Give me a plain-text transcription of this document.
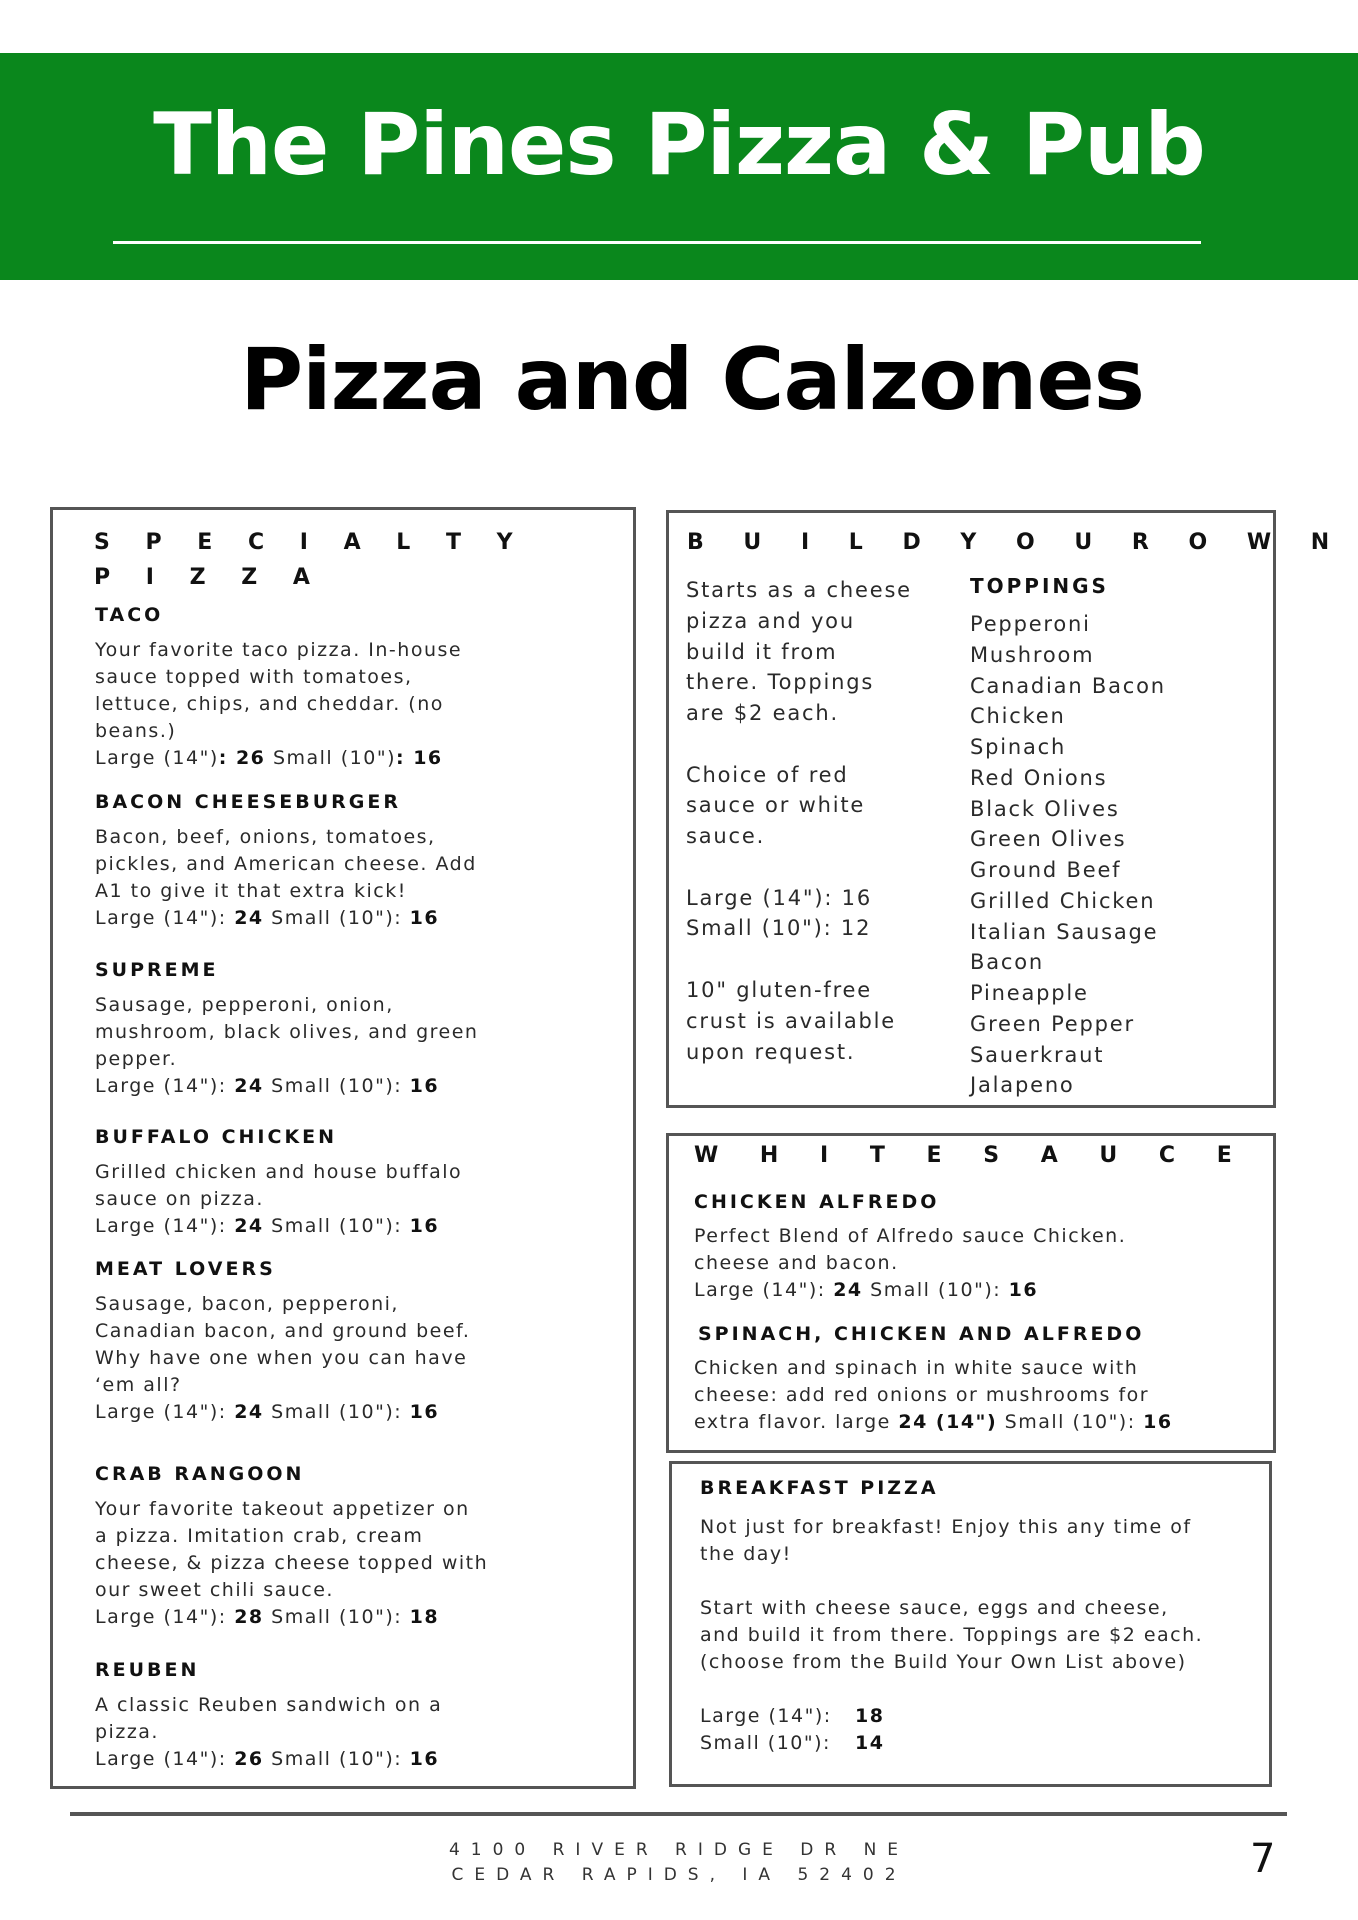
The Pines Pizza & Pub
Pizza and Calzones
S P E C I A L T Y
P I Z Z A
TACO
Your favorite taco pizza. In-house
sauce topped with tomatoes,
lettuce, chips, and cheddar. (no
beans.)
Large (14"): 26 Small (10"): 16
BACON CHEESEBURGER
Bacon, beef, onions, tomatoes,
pickles, and American cheese. Add
A1 to give it that extra kick!
Large (14"): 24 Small (10"): 16
SUPREME
Sausage, pepperoni, onion,
mushroom, black olives, and green
pepper.
Large (14"): 24 Small (10"): 16
BUFFALO CHICKEN
Grilled chicken and house buffalo
sauce on pizza.
Large (14"): 24 Small (10"): 16
MEAT LOVERS
Sausage, bacon, pepperoni,
Canadian bacon, and ground beef.
Why have one when you can have
‘em all?
Large (14"): 24 Small (10"): 16
CRAB RANGOON
Your favorite takeout appetizer on
a pizza. Imitation crab, cream
cheese, & pizza cheese topped with
our sweet chili sauce.
Large (14"): 28 Small (10"): 18
REUBEN
A classic Reuben sandwich on a
pizza.
Large (14"): 26 Small (10"): 16
B U I L D Y O U R O W N
Starts as a cheese
pizza and you
build it from
there. Toppings
are $2 each.
Choice of red
sauce or white
sauce.
Large (14"): 16
Small (10"): 12
10" gluten-free
crust is available
upon request.
TOPPINGS
Pepperoni
Mushroom
Canadian Bacon
Chicken
Spinach
Red Onions
Black Olives
Green Olives
Ground Beef
Grilled Chicken
Italian Sausage
Bacon
Pineapple
Green Pepper
Sauerkraut
Jalapeno
W H I T E S A U C E
CHICKEN ALFREDO
Perfect Blend of Alfredo sauce Chicken.
cheese and bacon.
Large (14"): 24 Small (10"): 16
SPINACH, CHICKEN AND ALFREDO
Chicken and spinach in white sauce with
cheese: add red onions or mushrooms for
extra flavor. large 24 (14") Small (10"): 16
BREAKFAST PIZZA
Not just for breakfast! Enjoy this any time of
the day!
Start with cheese sauce, eggs and cheese,
and build it from there. Toppings are $2 each.
(choose from the Build Your Own List above)
Large (14"): 18
Small (10"): 14
4100 RIVER RIDGE DR NE
CEDAR RAPIDS, IA 52402	7
